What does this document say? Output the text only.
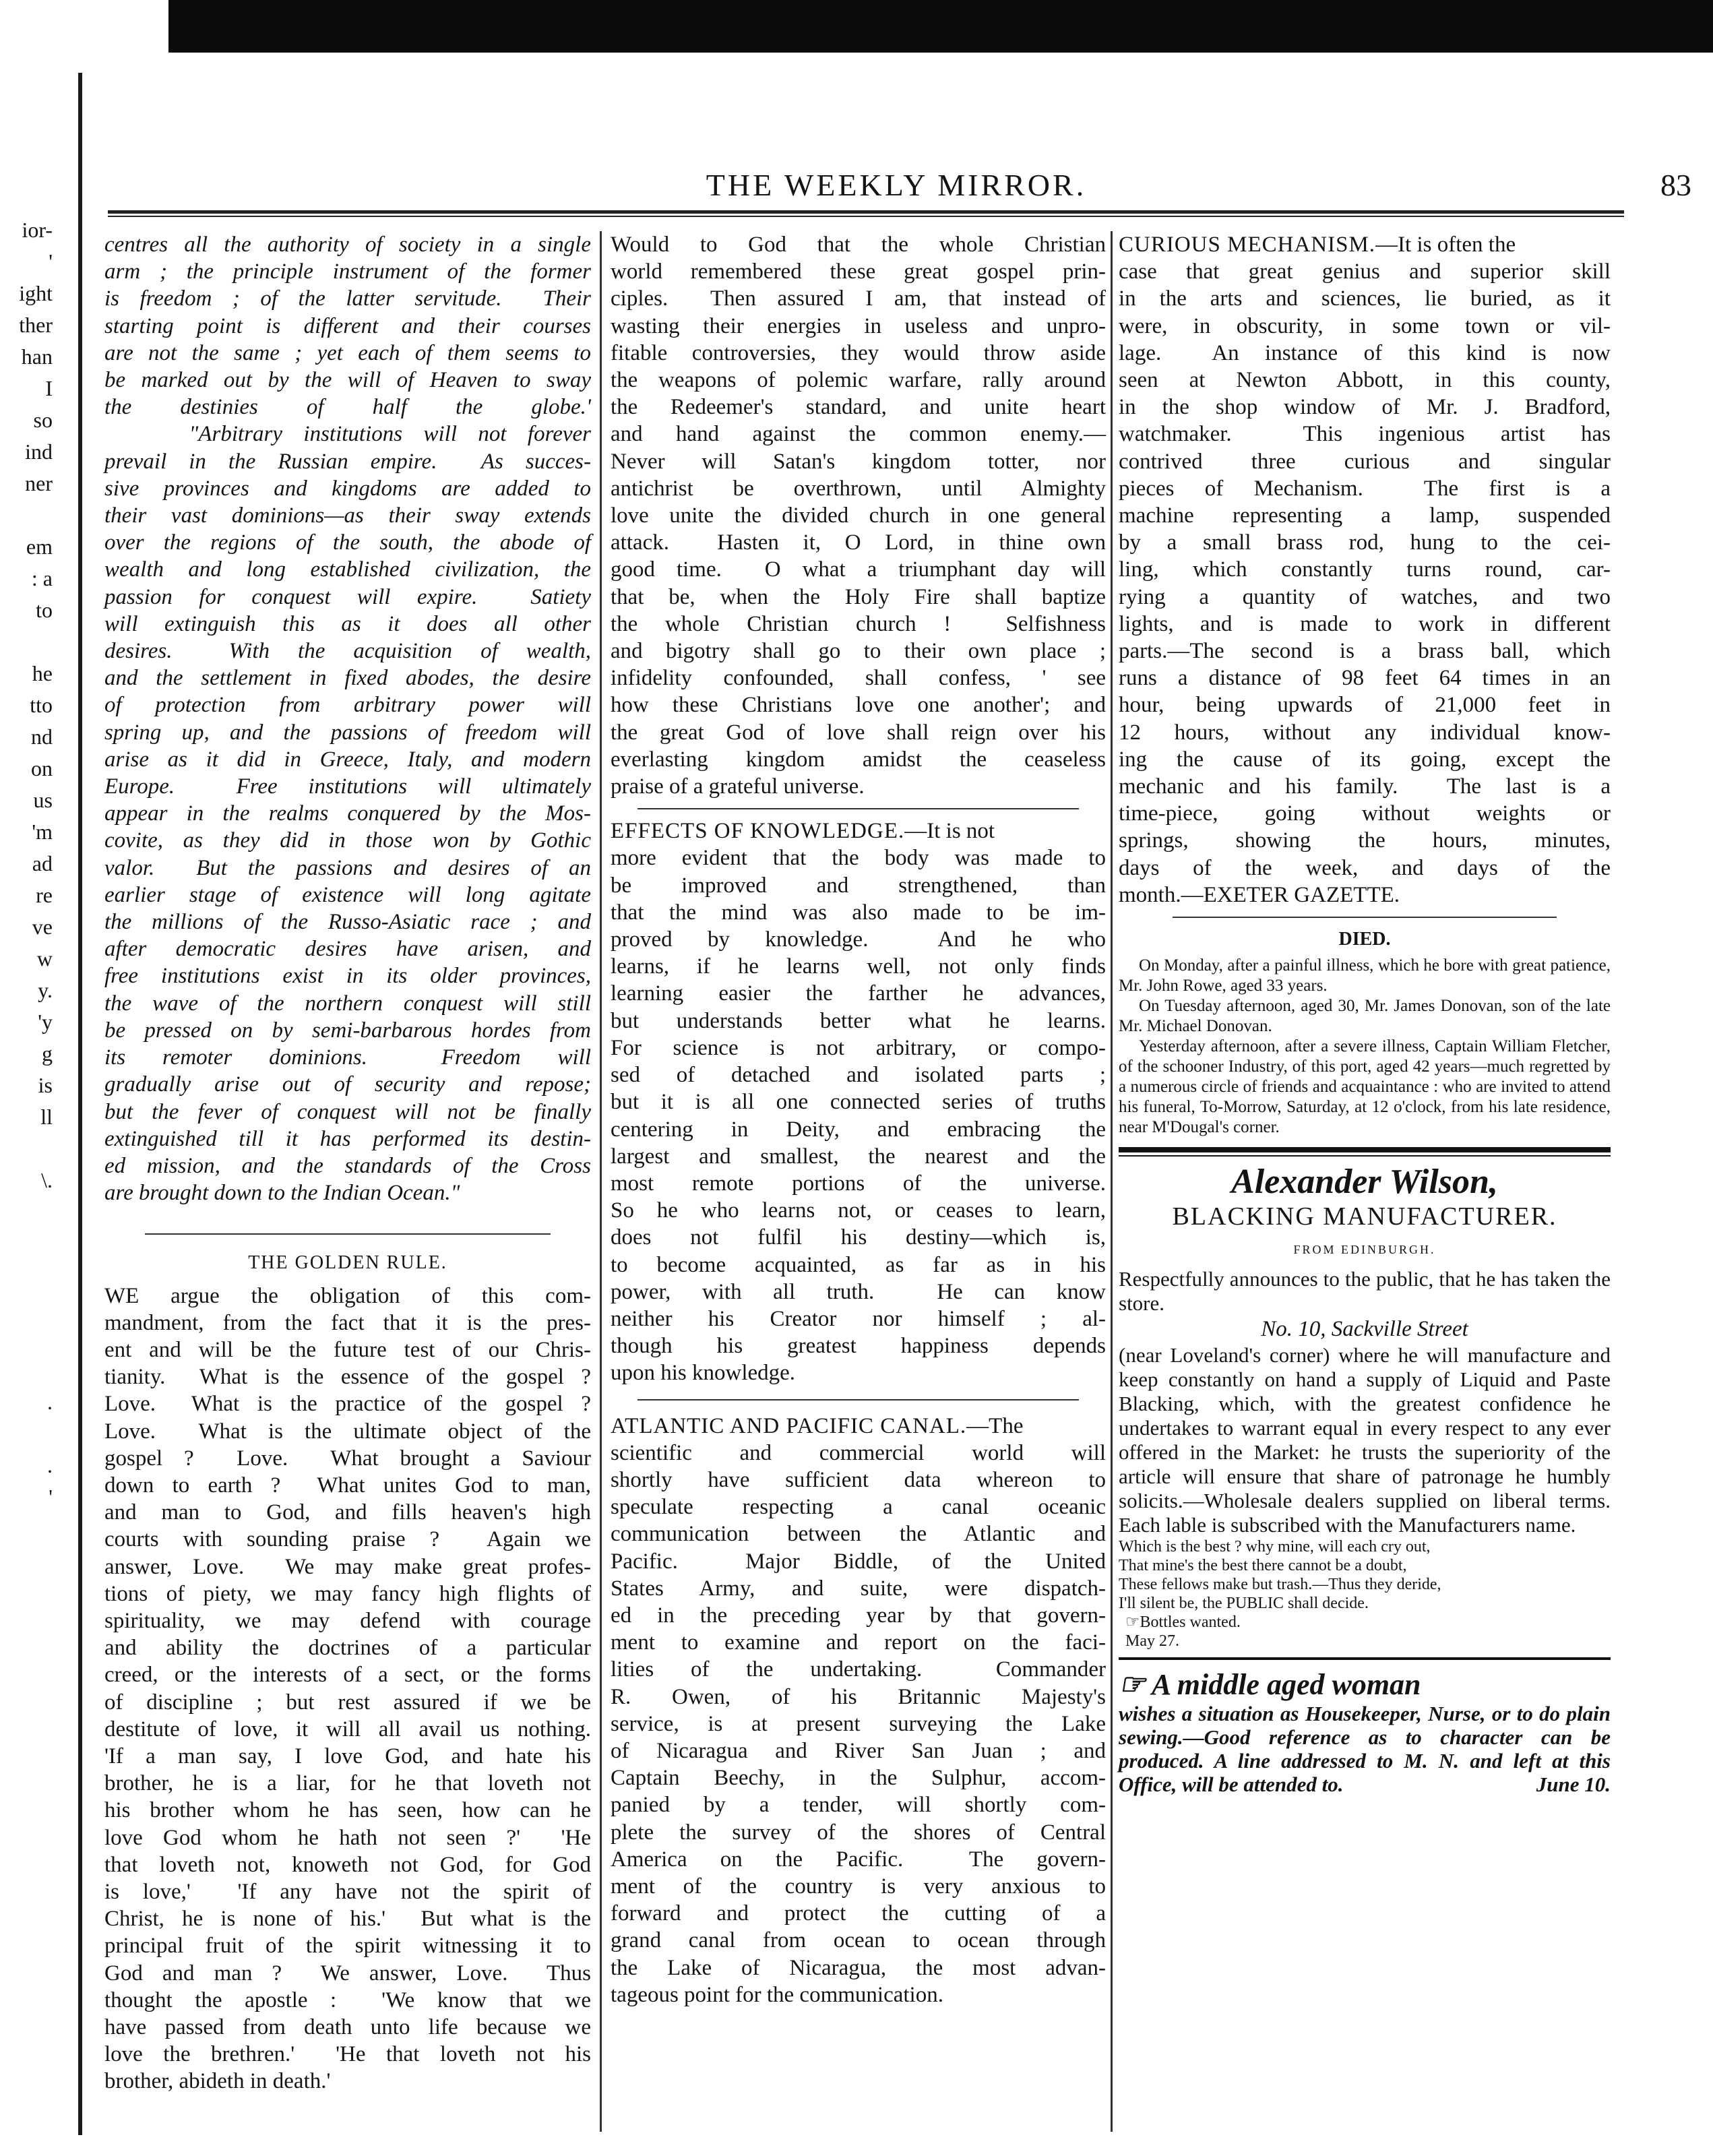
THE WEEKLY MIRROR.	83
ior-
'
ight
ther
han
I
so
ind
ner

em
: a
to

he
tto
nd
on
us
'm
ad
re
ve
w
y.
'y
g
is
ll

\.

.

.
'
centres all the authority of society in a single
arm ; the principle instrument of the former
is freedom ; of the latter servitude.  Their
starting point is different and their courses
are not the same ; yet each of them seems to
be marked out by the will of Heaven to sway
the destinies of half the globe.'
"Arbitrary institutions will not forever
prevail in the Russian empire.  As succes-
sive provinces and kingdoms are added to
their vast dominions—as their sway extends
over the regions of the south, the abode of
wealth and long established civilization, the
passion for conquest will expire.  Satiety
will extinguish this as it does all other
desires.  With the acquisition of wealth,
and the settlement in fixed abodes, the desire
of protection from arbitrary power will
spring up, and the passions of freedom will
arise as it did in Greece, Italy, and modern
Europe.  Free institutions will ultimately
appear in the realms conquered by the Mos-
covite, as they did in those won by Gothic
valor.  But the passions and desires of an
earlier stage of existence will long agitate
the millions of the Russo-Asiatic race ; and
after democratic desires have arisen, and
free institutions exist in its older provinces,
the wave of the northern conquest will still
be pressed on by semi-barbarous hordes from
its remoter dominions.  Freedom will
gradually arise out of security and repose;
but the fever of conquest will not be finally
extinguished till it has performed its destin-
ed mission, and the standards of the Cross
are brought down to the Indian Ocean."
THE GOLDEN RULE.
WE argue the obligation of this com-
mandment, from the fact that it is the pres-
ent and will be the future test of our Chris-
tianity.  What is the essence of the gospel ?
Love.  What is the practice of the gospel ?
Love.  What is the ultimate object of the
gospel ?  Love.  What brought a Saviour
down to earth ?  What unites God to man,
and man to God, and fills heaven's high
courts with sounding praise ?  Again we
answer, Love.  We may make great profes-
tions of piety, we may fancy high flights of
spirituality, we may defend with courage
and ability the doctrines of a particular
creed, or the interests of a sect, or the forms
of discipline ; but rest assured if we be
destitute of love, it will all avail us nothing.
'If a man say, I love God, and hate his
brother, he is a liar, for he that loveth not
his brother whom he has seen, how can he
love God whom he hath not seen ?'  'He
that loveth not, knoweth not God, for God
is love,'  'If any have not the spirit of
Christ, he is none of his.'  But what is the
principal fruit of the spirit witnessing it to
God and man ?  We answer, Love.  Thus
thought the apostle :  'We know that we
have passed from death unto life because we
love the brethren.'  'He that loveth not his
brother, abideth in death.'
Would to God that the whole Christian
world remembered these great gospel prin-
ciples.  Then assured I am, that instead of
wasting their energies in useless and unpro-
fitable controversies, they would throw aside
the weapons of polemic warfare, rally around
the Redeemer's standard, and unite heart
and hand against the common enemy.—
Never will Satan's kingdom totter, nor
antichrist be overthrown, until Almighty
love unite the divided church in one general
attack.  Hasten it, O Lord, in thine own
good time.  O what a triumphant day will
that be, when the Holy Fire shall baptize
the whole Christian church !  Selfishness
and bigotry shall go to their own place ;
infidelity confounded, shall confess, ' see
how these Christians love one another'; and
the great God of love shall reign over his
everlasting kingdom amidst the ceaseless
praise of a grateful universe.
EFFECTS OF KNOWLEDGE.—It is not
more evident that the body was made to
be improved and strengthened, than
that the mind was also made to be im-
proved by knowledge.  And he who
learns, if he learns well, not only finds
learning easier the farther he advances,
but understands better what he learns.
For science is not arbitrary, or compo-
sed of detached and isolated parts ;
but it is all one connected series of truths
centering in Deity, and embracing the
largest and smallest, the nearest and the
most remote portions of the universe.
So he who learns not, or ceases to learn,
does not fulfil his destiny—which is,
to become acquainted, as far as in his
power, with all truth.  He can know
neither his Creator nor himself ; al-
though his greatest happiness depends
upon his knowledge.
ATLANTIC AND PACIFIC CANAL.—The
scientific and commercial world will
shortly have sufficient data whereon to
speculate respecting a canal oceanic
communication between the Atlantic and
Pacific.  Major Biddle, of the United
States Army, and suite, were dispatch-
ed in the preceding year by that govern-
ment to examine and report on the faci-
lities of the undertaking.  Commander
R. Owen, of his Britannic Majesty's
service, is at present surveying the Lake
of Nicaragua and River San Juan ; and
Captain Beechy, in the Sulphur, accom-
panied by a tender, will shortly com-
plete the survey of the shores of Central
America on the Pacific.  The govern-
ment of the country is very anxious to
forward and protect the cutting of a
grand canal from ocean to ocean through
the Lake of Nicaragua, the most advan-
tageous point for the communication.
CURIOUS MECHANISM.—It is often the
case that great genius and superior skill
in the arts and sciences, lie buried, as it
were, in obscurity, in some town or vil-
lage.  An instance of this kind is now
seen at Newton Abbott, in this county,
in the shop window of Mr. J. Bradford,
watchmaker.  This ingenious artist has
contrived three curious and singular
pieces of Mechanism.  The first is a
machine representing a lamp, suspended
by a small brass rod, hung to the cei-
ling, which constantly turns round, car-
rying a quantity of watches, and two
lights, and is made to work in different
parts.—The second is a brass ball, which
runs a distance of 98 feet 64 times in an
hour, being upwards of 21,000 feet in
12 hours, without any individual know-
ing the cause of its going, except the
mechanic and his family.  The last is a
time-piece, going without weights or
springs, showing the hours, minutes,
days of the week, and days of the
month.—EXETER GAZETTE.
DIED.

On Monday, after a painful illness, which he bore with great patience, Mr. John Rowe, aged 33 years.

On Tuesday afternoon, aged 30, Mr. James Donovan, son of the late Mr. Michael Donovan.

Yesterday afternoon, after a severe illness, Captain William Fletcher, of the schooner Industry, of this port, aged 42 years—much regretted by a numerous circle of friends and acquaintance : who are invited to attend his funeral, To-Morrow, Saturday, at 12 o'clock, from his late residence, near M'Dougal's corner.

Alexander Wilson,
BLACKING MANUFACTURER.
FROM EDINBURGH.

Respectfully announces to the public, that he has taken the store.

No. 10, Sackville Street

(near Loveland's corner) where he will manufacture and keep constantly on hand a supply of Liquid and Paste Blacking, which, with the greatest confidence he undertakes to warrant equal in every respect to any ever offered in the Market: he trusts the superiority of the article will ensure that share of patronage he humbly solicits.—Wholesale dealers supplied on liberal terms. Each lable is subscribed with the Manufacturers name.

Which is the best ? why mine, will each cry out,
That mine's the best there cannot be a doubt,
These fellows make but trash.—Thus they deride,
I'll silent be, the PUBLIC shall decide.
☞Bottles wanted.
May 27.
☞ A middle aged woman
wishes a situation as Housekeeper, Nurse, or to do plain sewing.—Good reference as to character can be produced. A line addressed to M. N. and left at this Office, will be attended to.	June 10.
